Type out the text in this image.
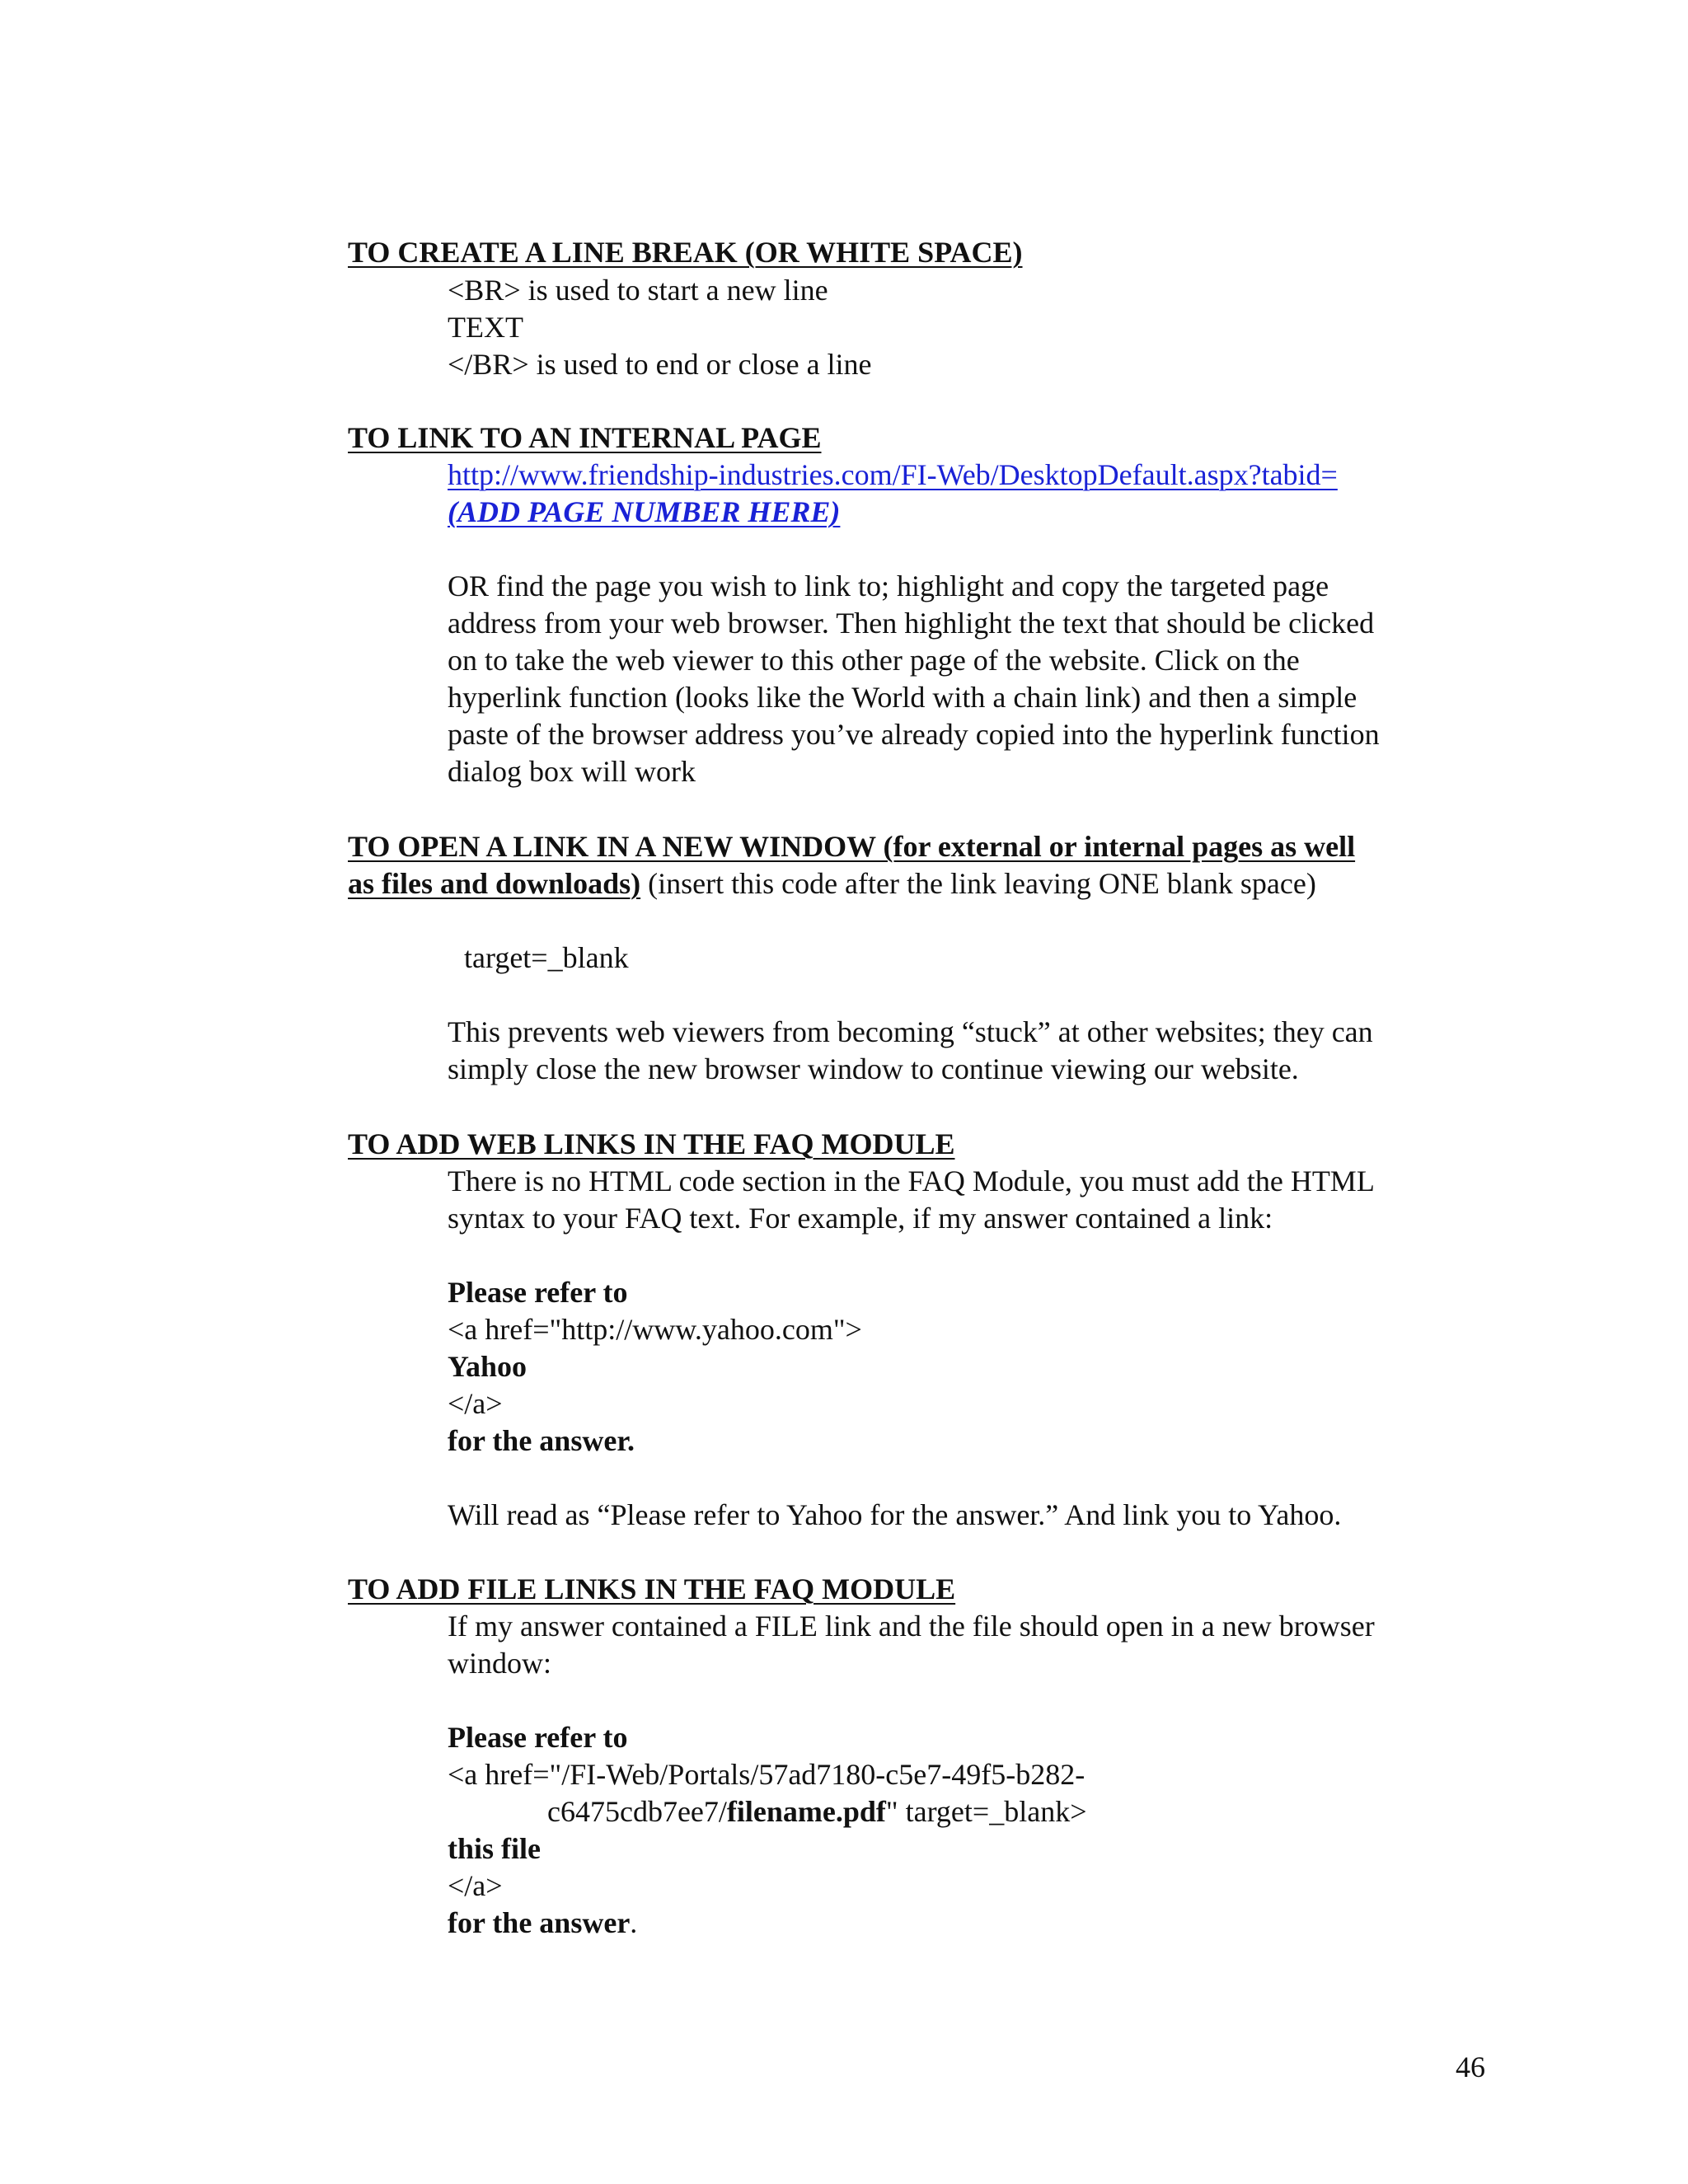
TO CREATE A LINE BREAK (OR WHITE SPACE)
<BR> is used to start a new line
TEXT
</BR> is used to end or close a line
TO LINK TO AN INTERNAL PAGE
http://www.friendship-industries.com/FI-Web/DesktopDefault.aspx?tabid=
(ADD PAGE NUMBER HERE)
OR find the page you wish to link to; highlight and copy the targeted page
address from your web browser. Then highlight the text that should be clicked
on to take the web viewer to this other page of the website. Click on the
hyperlink function (looks like the World with a chain link) and then a simple
paste of the browser address you’ve already copied into the hyperlink function
dialog box will work
TO OPEN A LINK IN A NEW WINDOW (for external or internal pages as well
as files and downloads) (insert this code after the link leaving ONE blank space)
target=_blank
This prevents web viewers from becoming “stuck” at other websites; they can
simply close the new browser window to continue viewing our website.
TO ADD WEB LINKS IN THE FAQ MODULE
There is no HTML code section in the FAQ Module, you must add the HTML
syntax to your FAQ text. For example, if my answer contained a link:
Please refer to
<a href="http://www.yahoo.com">
Yahoo
</a>
for the answer.
Will read as “Please refer to Yahoo for the answer.” And link you to Yahoo.
TO ADD FILE LINKS IN THE FAQ MODULE
If my answer contained a FILE link and the file should open in a new browser
window:
Please refer to
<a href="/FI-Web/Portals/57ad7180-c5e7-49f5-b282-
c6475cdb7ee7/filename.pdf" target=_blank>
this file
</a>
for the answer.
46
